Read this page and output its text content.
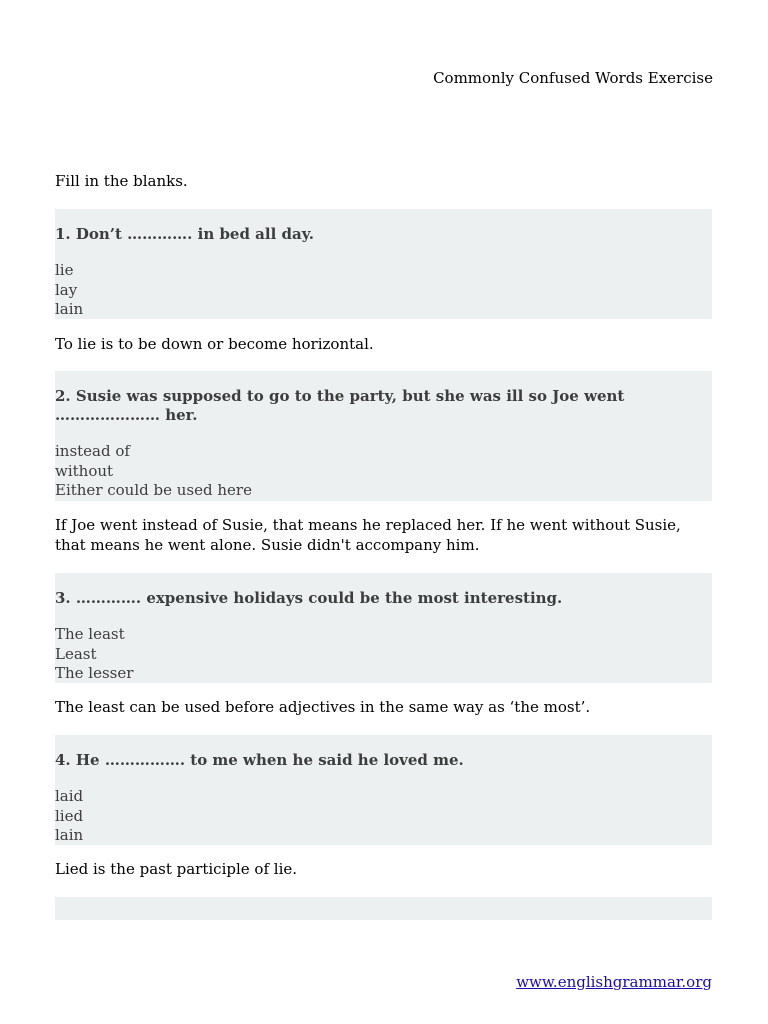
Commonly Confused Words Exercise
Fill in the blanks.

1. Don’t …………. in bed all day.

lie
lay
lain
To lie is to be down or become horizontal.

2. Susie was supposed to go to the party, but she was ill so Joe went ………………… her.

instead of
without
Either could be used here
If Joe went instead of Susie, that means he replaced her. If he went without Susie, that means he went alone. Susie didn't accompany him.

3. …………. expensive holidays could be the most interesting.

The least
Least
The lesser
The least can be used before adjectives in the same way as ‘the most’.

4. He ……………. to me when he said he loved me.

laid
lied
lain
Lied is the past participle of lie.
www.englishgrammar.org
